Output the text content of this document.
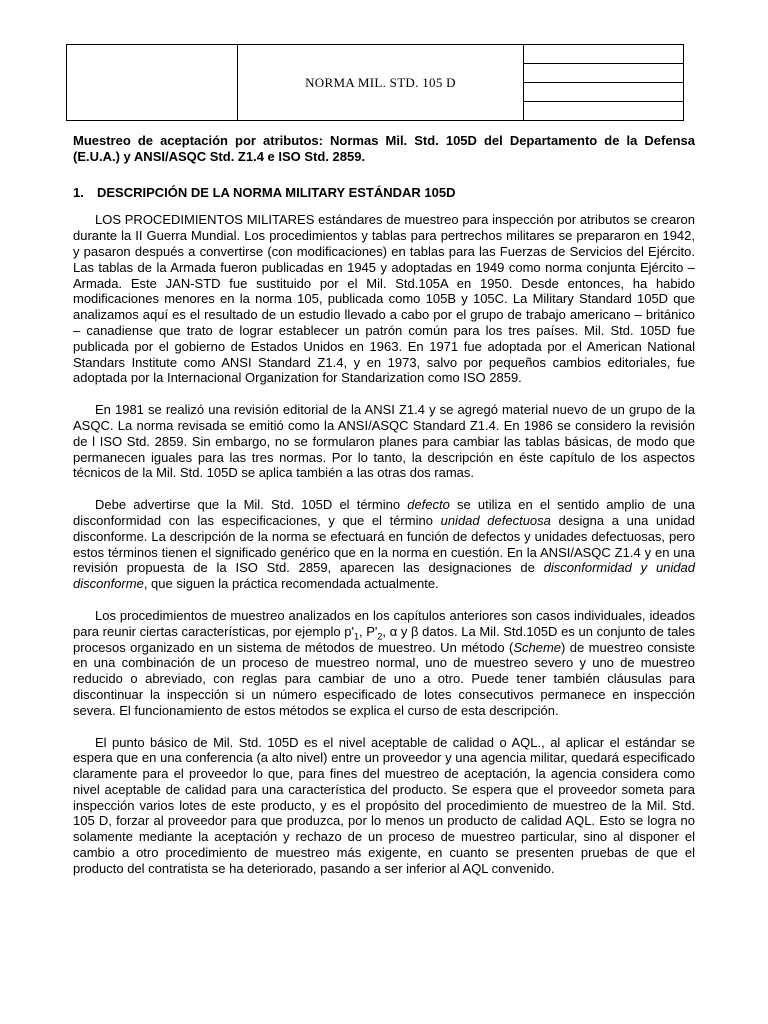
NORMA MIL. STD. 105 D

Muestreo de aceptación por atributos: Normas Mil. Std. 105D del Departamento de la Defensa (E.U.A.) y ANSI/ASQC Std. Z1.4 e ISO Std. 2859.

1. DESCRIPCIÓN DE LA NORMA MILITARY ESTÁNDAR 105D

LOS PROCEDIMIENTOS MILITARES estándares de muestreo para inspección por atributos se crearon durante la II Guerra Mundial. Los procedimientos y tablas para pertrechos militares se prepararon en 1942, y pasaron después a convertirse (con modificaciones) en tablas para las Fuerzas de Servicios del Ejército. Las tablas de la Armada fueron publicadas en 1945 y adoptadas en 1949 como norma conjunta Ejército – Armada. Este JAN-STD fue sustituido por el Mil. Std.105A en 1950. Desde entonces, ha habido modificaciones menores en la norma 105, publicada como 105B y 105C. La Military Standard 105D que analizamos aquí es el resultado de un estudio llevado a cabo por el grupo de trabajo americano – británico – canadiense que trato de lograr establecer un patrón común para los tres países. Mil. Std. 105D fue publicada por el gobierno de Estados Unidos en 1963. En 1971 fue adoptada por el American National Standars Institute como ANSI Standard Z1.4, y en 1973, salvo por pequeños cambios editoriales, fue adoptada por la Internacional Organization for Standarization como ISO 2859.

En 1981 se realizó una revisión editorial de la ANSI Z1.4 y se agregó material nuevo de un grupo de la ASQC. La norma revisada se emitió como la ANSI/ASQC Standard Z1.4. En 1986 se considero la revisión de l ISO Std. 2859. Sin embargo, no se formularon planes para cambiar las tablas básicas, de modo que permanecen iguales para las tres normas. Por lo tanto, la descripción en éste capítulo de los aspectos técnicos de la Mil. Std. 105D se aplica también a las otras dos ramas.

Debe advertirse que la Mil. Std. 105D el término defecto se utiliza en el sentido amplio de una disconformidad con las especificaciones, y que el término unidad defectuosa designa a una unidad disconforme. La descripción de la norma se efectuará en función de defectos y unidades defectuosas, pero estos términos tienen el significado genérico que en la norma en cuestión. En la ANSI/ASQC Z1.4 y en una revisión propuesta de la ISO Std. 2859, aparecen las designaciones de disconformidad y unidad disconforme, que siguen la práctica recomendada actualmente.

Los procedimientos de muestreo analizados en los capítulos anteriores son casos individuales, ideados para reunir ciertas características, por ejemplo $p'_1$, $P'_2$, α y β datos. La Mil. Std.105D es un conjunto de tales procesos organizado en un sistema de métodos de muestreo. Un método (Scheme) de muestreo consiste en una combinación de un proceso de muestreo normal, uno de muestreo severo y uno de muestreo reducido o abreviado, con reglas para cambiar de uno a otro. Puede tener también cláusulas para discontinuar la inspección si un número especificado de lotes consecutivos permanece en inspección severa. El funcionamiento de estos métodos se explica el curso de esta descripción.

El punto básico de Mil. Std. 105D es el nivel aceptable de calidad o AQL., al aplicar el estándar se espera que en una conferencia (a alto nivel) entre un proveedor y una agencia militar, quedará especificado claramente para el proveedor lo que, para fines del muestreo de aceptación, la agencia considera como nivel aceptable de calidad para una característica del producto. Se espera que el proveedor someta para inspección varios lotes de este producto, y es el propósito del procedimiento de muestreo de la Mil. Std. 105 D, forzar al proveedor para que produzca, por lo menos un producto de calidad AQL. Esto se logra no solamente mediante la aceptación y rechazo de un proceso de muestreo particular, sino al disponer el cambio a otro procedimiento de muestreo más exigente, en cuanto se presenten pruebas de que el producto del contratista se ha deteriorado, pasando a ser inferior al AQL convenido.
